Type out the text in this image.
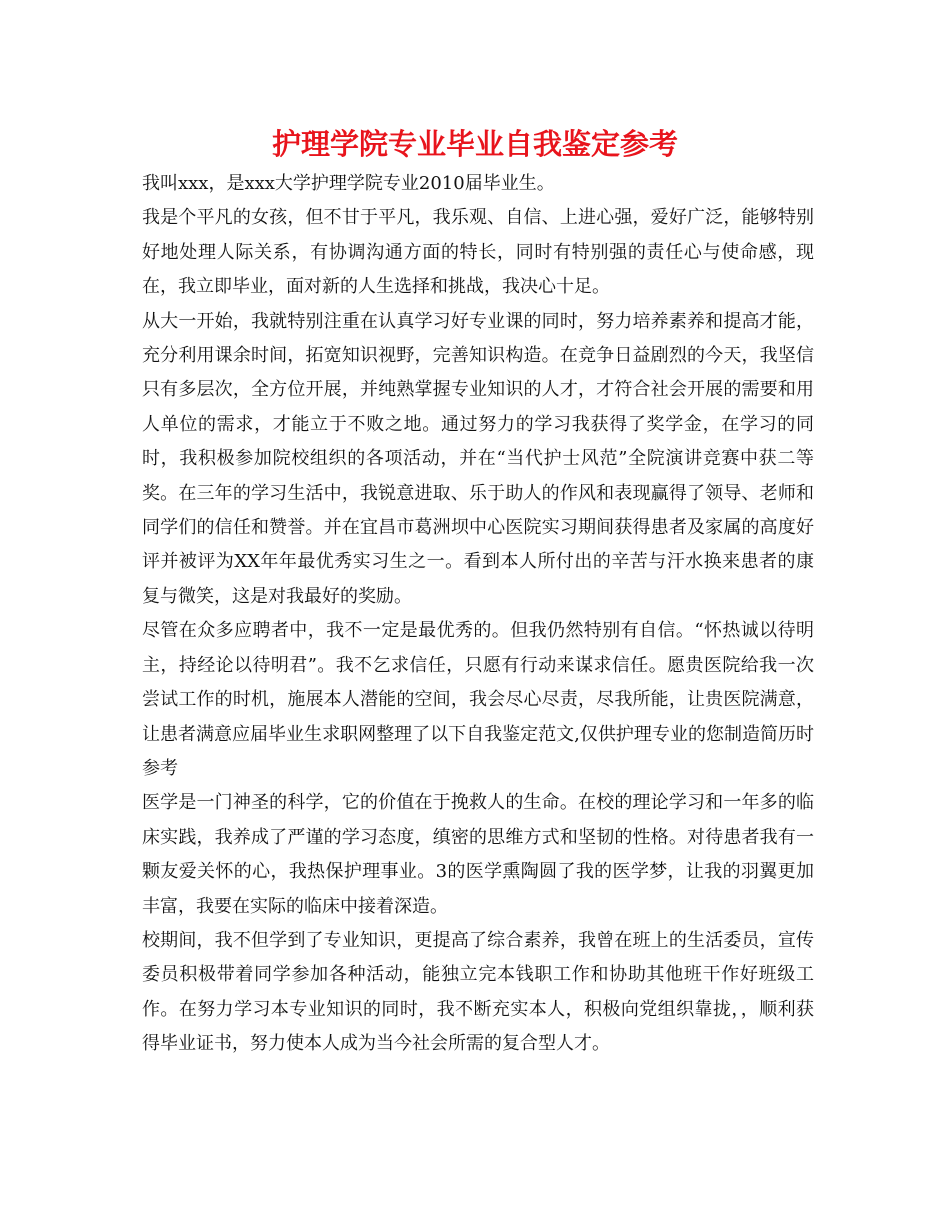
护理学院专业毕业自我鉴定参考

我叫xxx，是xxx大学护理学院专业2010届毕业生。

我是个平凡的女孩，但不甘于平凡，我乐观、自信、上进心强，爱好广泛，能够特别好地处理人际关系，有协调沟通方面的特长，同时有特别强的责任心与使命感，现在，我立即毕业，面对新的人生选择和挑战，我决心十足。

从大一开始，我就特别注重在认真学习好专业课的同时，努力培养素养和提高才能，充分利用课余时间，拓宽知识视野，完善知识构造。在竞争日益剧烈的今天，我坚信只有多层次，全方位开展，并纯熟掌握专业知识的人才，才符合社会开展的需要和用人单位的需求，才能立于不败之地。通过努力的学习我获得了奖学金，在学习的同时，我积极参加院校组织的各项活动，并在“当代护士风范”全院演讲竞赛中获二等奖。在三年的学习生活中，我锐意进取、乐于助人的作风和表现赢得了领导、老师和同学们的信任和赞誉。并在宜昌市葛洲坝中心医院实习期间获得患者及家属的高度好评并被评为XX年年最优秀实习生之一。看到本人所付出的辛苦与汗水换来患者的康复与微笑，这是对我最好的奖励。

尽管在众多应聘者中，我不一定是最优秀的。但我仍然特别有自信。“怀热诚以待明主，持经论以待明君”。我不乞求信任，只愿有行动来谋求信任。愿贵医院给我一次尝试工作的时机，施展本人潜能的空间，我会尽心尽责，尽我所能，让贵医院满意，让患者满意应届毕业生求职网整理了以下自我鉴定范文,仅供护理专业的您制造简历时参考

医学是一门神圣的科学，它的价值在于挽救人的生命。在校的理论学习和一年多的临床实践，我养成了严谨的学习态度，缜密的思维方式和坚韧的性格。对待患者我有一颗友爱关怀的心，我热保护理事业。3的医学熏陶圆了我的医学梦，让我的羽翼更加丰富，我要在实际的临床中接着深造。

校期间，我不但学到了专业知识，更提高了综合素养，我曾在班上的生活委员，宣传委员积极带着同学参加各种活动，能独立完本钱职工作和协助其他班干作好班级工作。在努力学习本专业知识的同时，我不断充实本人，积极向党组织靠拢，，顺利获得毕业证书，努力使本人成为当今社会所需的复合型人才。
